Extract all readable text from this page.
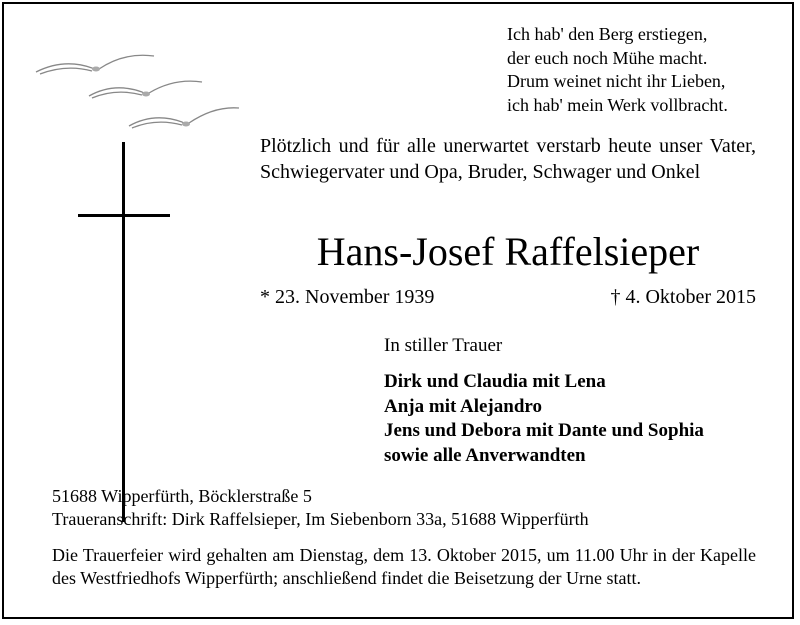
Ich hab' den Berg erstiegen,
der euch noch Mühe macht.
Drum weinet nicht ihr Lieben,
ich hab' mein Werk vollbracht.
Plötzlich und für alle unerwartet verstarb heute unser Vater, Schwiegervater und Opa, Bruder, Schwager und Onkel
Hans-Josef Raffelsieper
* 23. November 1939	† 4. Oktober 2015
In stiller Trauer
Dirk und Claudia mit Lena
Anja mit Alejandro
Jens und Debora mit Dante und Sophia
sowie alle Anverwandten
51688 Wipperfürth, Böcklerstraße 5
Traueranschrift: Dirk Raffelsieper, Im Siebenborn 33a, 51688 Wipperfürth
Die Trauerfeier wird gehalten am Dienstag, dem 13. Oktober 2015, um 11.00 Uhr in der Kapelle des Westfriedhofs Wipperfürth; anschließend findet die Beisetzung der Urne statt.
